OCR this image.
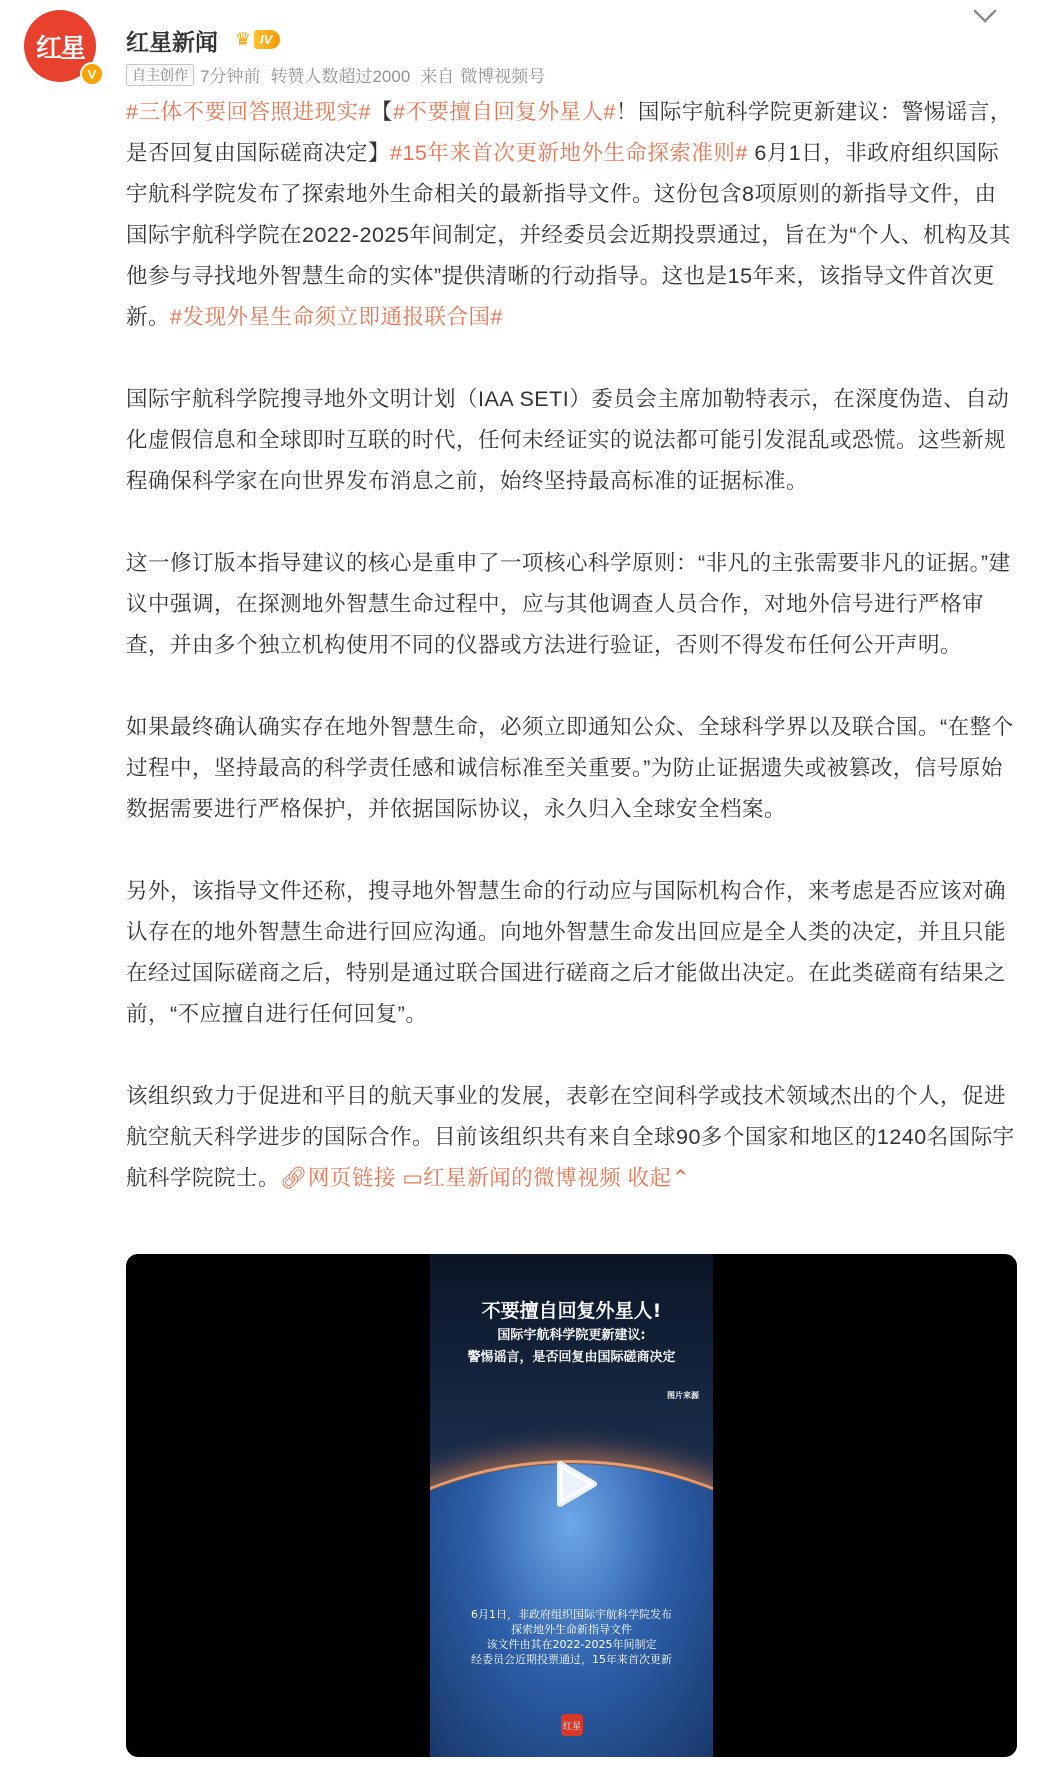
红星
V
红星新闻 ♛ IV
自主创作 7分钟前 转赞人数超过2000 来自 微博视频号

#三体不要回答照进现实#【#不要擅自回复外星人#！国际宇航科学院更新建议：警惕谣言，是否回复由国际磋商决定】#15年来首次更新地外生命探索准则# 6月1日，非政府组织国际宇航科学院发布了探索地外生命相关的最新指导文件。这份包含8项原则的新指导文件，由国际宇航科学院在2022-2025年间制定，并经委员会近期投票通过，旨在为“个人、机构及其他参与寻找地外智慧生命的实体”提供清晰的行动指导。这也是15年来，该指导文件首次更新。#发现外星生命须立即通报联合国#

国际宇航科学院搜寻地外文明计划（IAA SETI）委员会主席加勒特表示，在深度伪造、自动化虚假信息和全球即时互联的时代，任何未经证实的说法都可能引发混乱或恐慌。这些新规程确保科学家在向世界发布消息之前，始终坚持最高标准的证据标准。

这一修订版本指导建议的核心是重申了一项核心科学原则：“非凡的主张需要非凡的证据。”建议中强调，在探测地外智慧生命过程中，应与其他调查人员合作，对地外信号进行严格审查，并由多个独立机构使用不同的仪器或方法进行验证，否则不得发布任何公开声明。

如果最终确认确实存在地外智慧生命，必须立即通知公众、全球科学界以及联合国。“在整个过程中，坚持最高的科学责任感和诚信标准至关重要。”为防止证据遗失或被篡改，信号原始数据需要进行严格保护，并依据国际协议，永久归入全球安全档案。

另外，该指导文件还称，搜寻地外智慧生命的行动应与国际机构合作，来考虑是否应该对确认存在的地外智慧生命进行回应沟通。向地外智慧生命发出回应是全人类的决定，并且只能在经过国际磋商之后，特别是通过联合国进行磋商之后才能做出决定。在此类磋商有结果之前，“不应擅自进行任何回复”。

该组织致力于促进和平目的航天事业的发展，表彰在空间科学或技术领域杰出的个人，促进航空航天科学进步的国际合作。目前该组织共有来自全球90多个国家和地区的1240名国际宇航科学院院士。🔗︎网页链接 ▭红星新闻的微博视频 收起⌃

不要擅自回复外星人!
国际宇航科学院更新建议:
警惕谣言，是否回复由国际磋商决定
图片来源
6月1日，非政府组织国际宇航科学院发布
探索地外生命新指导文件
该文件由其在2022-2025年间制定
经委员会近期投票通过，15年来首次更新
红星
